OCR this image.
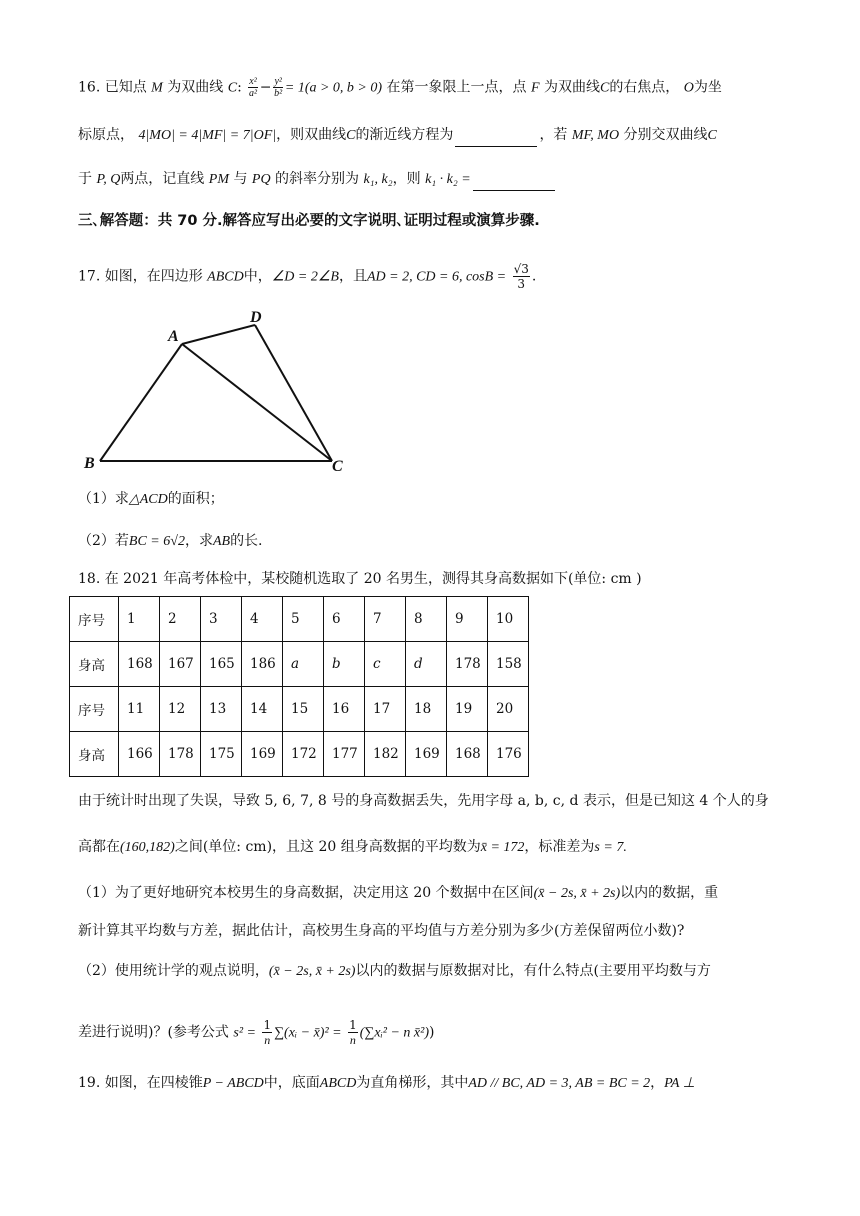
16. 已知点 M 为双曲线 C: $\frac{\text{x²}}{\text{a²}} - \frac{\text{y²}}{\text{b²}} = 1(a > 0$, b > 0) 在第一象限上一点，点 F 为双曲线C的右焦点， O为坐
标原点， 4|MO| = 4|MF| = 7|OF|，则双曲线C的渐近线方程为	，若 MF, MO 分别交双曲线C
于 P, Q两点，记直线 PM 与 PQ 的斜率分别为 k₁, k₂，则 k₁ · k₂ =
三､解答题：共 70 分.解答应写出必要的文字说明､证明过程或演算步骤.
17. 如图，在四边形 ABCD中，∠D = 2∠B，且AD = 2, CD = 6, $\cos B = \frac{√3}{3}$ .
A
D
B	C
（1）求△ACD的面积；
（2）若BC = 6√2，求AB的长.
18. 在 2021 年高考体检中，某校随机选取了 20 名男生，测得其身高数据如下(单位: cm )
序号	1	2	3	4	5	6	7	8	9	10
身高	168	167	165	186	a	b	c	d	178	158
序号	11	12	13	14	15	16	17	18	19	20
身高	166	178	175	169	172	177	182	169	168	176
由于统计时出现了失误，导致 5, 6, 7, 8 号的身高数据丢失，先用字母 a, b, c, d 表示，但是已知这 4 个人的身
高都在(160,182)之间(单位: cm)，且这 20 组身高数据的平均数为x̄ = 172，标准差为s = 7.
（1）为了更好地研究本校男生的身高数据，决定用这 20 个数据中在区间(x̄ − 2s, x̄ + 2s)以内的数据，重
新计算其平均数与方差，据此估计，高校男生身高的平均值与方差分别为多少(方差保留两位小数)?
（2）使用统计学的观点说明，(x̄ − 2s, x̄ + 2s)以内的数据与原数据对比，有什么特点(主要用平均数与方
差进行说明)？(参考公式 $s^2 = \frac{1}{n}$ ∑(xᵢ − x̄)² = $\frac{1}{n}$ (∑xᵢ² − n x̄²))
19. 如图，在四棱锥P − ABCD中，底面ABCD为直角梯形，其中AD // BC, AD = 3, AB = BC = 2，PA ⊥
